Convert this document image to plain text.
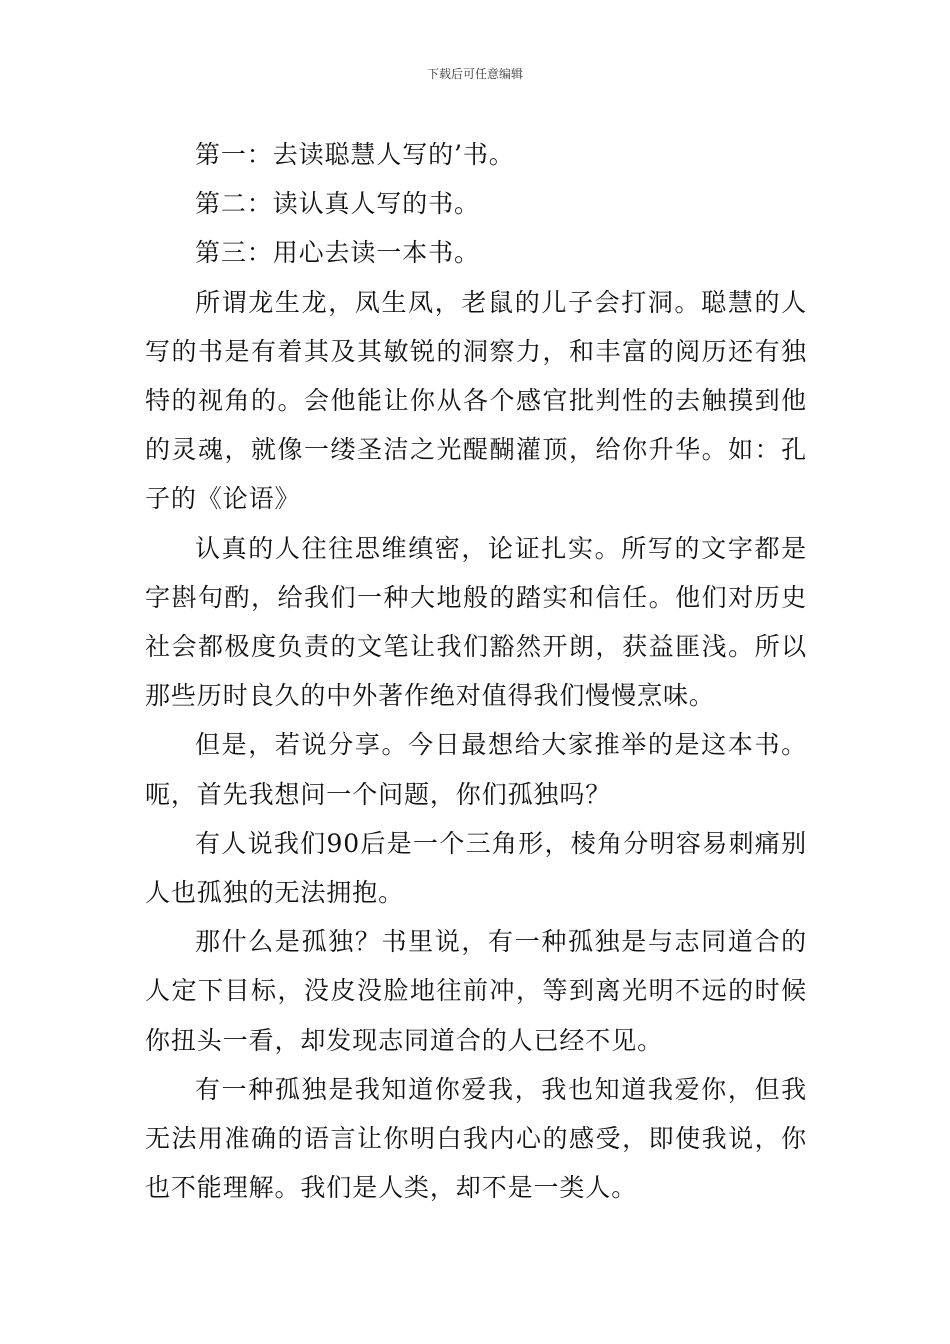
下载后可任意编辑

第一：去读聪慧人写的’书。

第二：读认真人写的书。

第三：用心去读一本书。

所谓龙生龙，凤生凤，老鼠的儿子会打洞。聪慧的人写的书是有着其及其敏锐的洞察力，和丰富的阅历还有独特的视角的。会他能让你从各个感官批判性的去触摸到他的灵魂，就像一缕圣洁之光醍醐灌顶，给你升华。如：孔子的《论语》

认真的人往往思维缜密，论证扎实。所写的文字都是字斟句酌，给我们一种大地般的踏实和信任。他们对历史社会都极度负责的文笔让我们豁然开朗，获益匪浅。所以那些历时良久的中外著作绝对值得我们慢慢烹味。

但是，若说分享。今日最想给大家推举的是这本书。呃，首先我想问一个问题，你们孤独吗？

有人说我们90后是一个三角形，棱角分明容易刺痛别人也孤独的无法拥抱。

那什么是孤独？书里说，有一种孤独是与志同道合的人定下目标，没皮没脸地往前冲，等到离光明不远的时候你扭头一看，却发现志同道合的人已经不见。

有一种孤独是我知道你爱我，我也知道我爱你，但我无法用准确的语言让你明白我内心的感受，即使我说，你也不能理解。我们是人类，却不是一类人。
